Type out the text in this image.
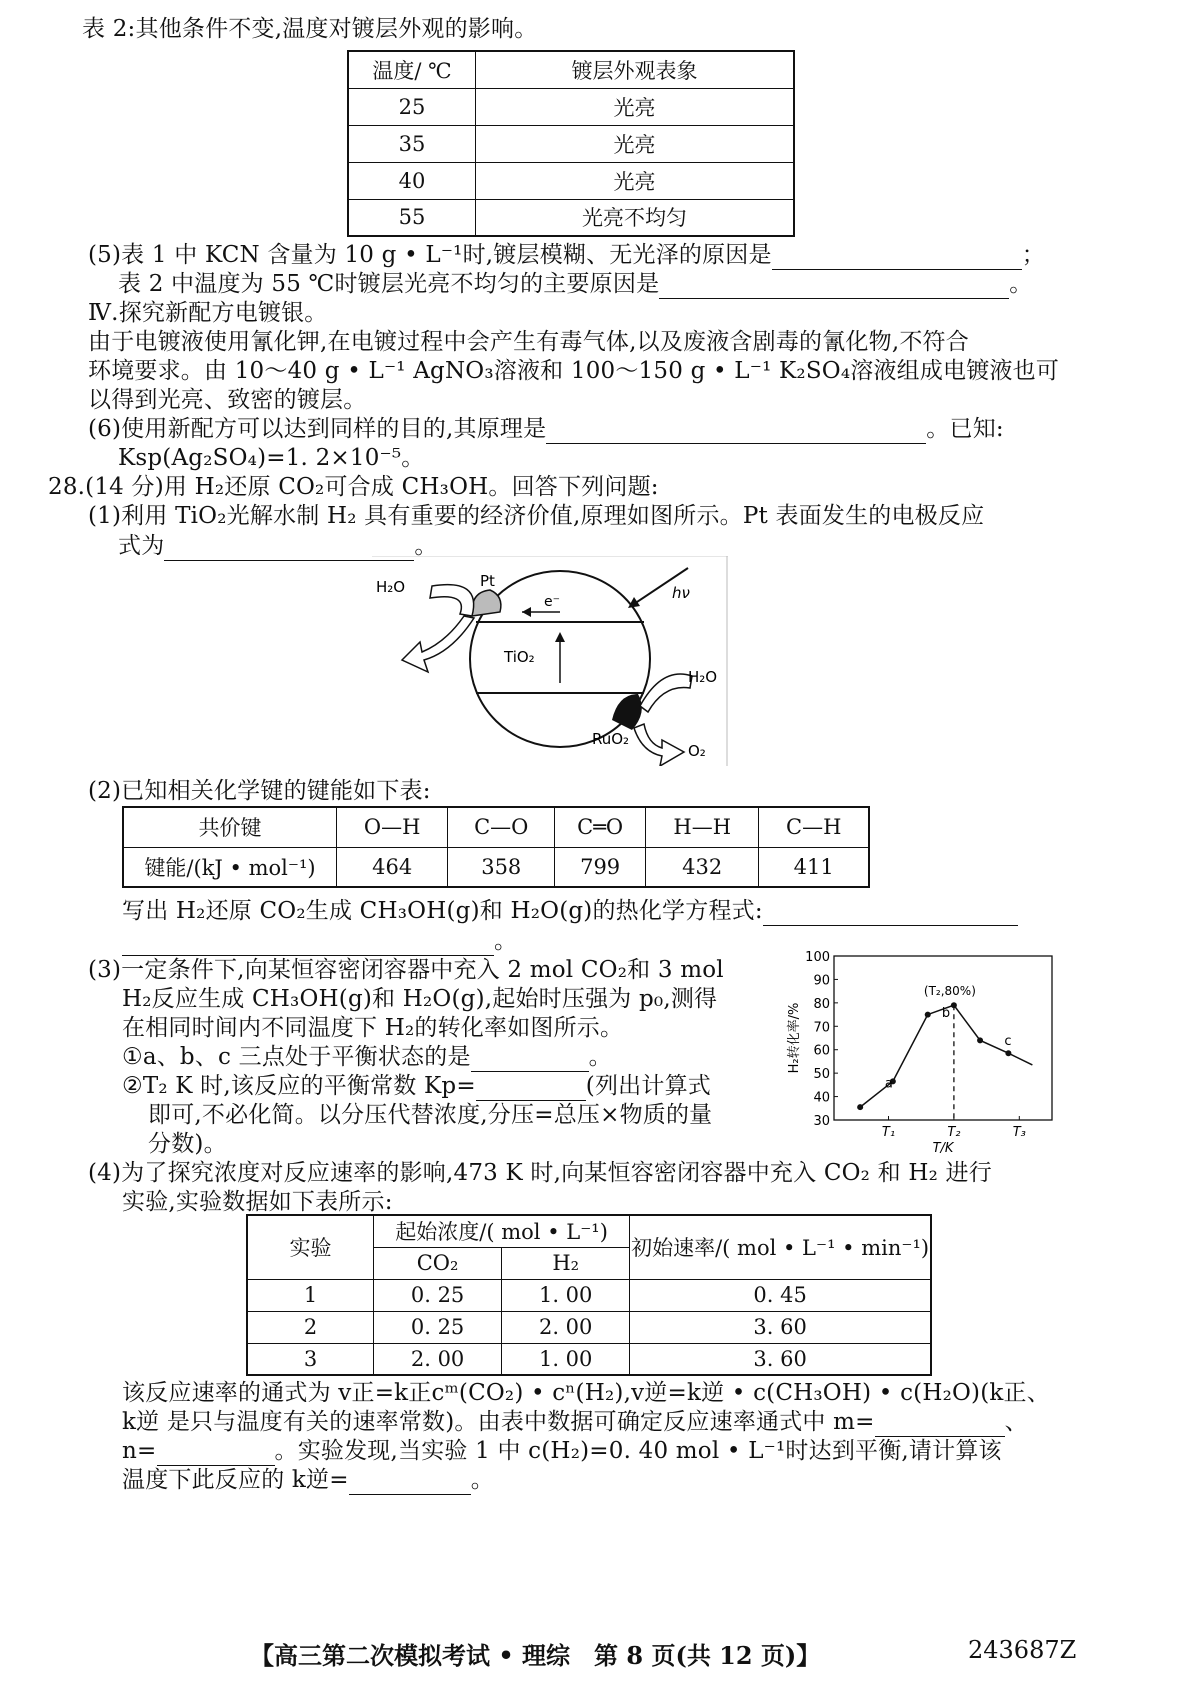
表 2:其他条件不变,温度对镀层外观的影响。
温度/ ℃	镀层外观表象
25	光亮
35	光亮
40	光亮
55	光亮不均匀
(5)表 1 中 KCN 含量为 10 g • L⁻¹时,镀层模糊、无光泽的原因是	；
表 2 中温度为 55 ℃时镀层光亮不均匀的主要原因是	。
Ⅳ.探究新配方电镀银。
由于电镀液使用氰化钾,在电镀过程中会产生有毒气体,以及废液含剧毒的氰化物,不符合
环境要求。由 10～40 g • L⁻¹ AgNO₃溶液和 100～150 g • L⁻¹ K₂SO₄溶液组成电镀液也可
以得到光亮、致密的镀层。
(6)使用新配方可以达到同样的目的,其原理是	。已知:
Ksp(Ag₂SO₄)=1. 2×10⁻⁵。
28.(14 分)用 H₂还原 CO₂可合成 CH₃OH。回答下列问题:
(1)利用 TiO₂光解水制 H₂ 具有重要的经济价值,原理如图所示。Pt 表面发生的电极反应
式为	。
H₂O	Pt
e⁻	hν
TiO₂
H₂O
RuO₂
O₂
(2)已知相关化学键的键能如下表:
共价键	O—H	C—O	C═O	H—H	C—H
键能/(kJ • mol⁻¹)	464	358	799	432	411
写出 H₂还原 CO₂生成 CH₃OH(g)和 H₂O(g)的热化学方程式:
。
(3)一定条件下,向某恒容密闭容器中充入 2 mol CO₂和 3 mol
H₂反应生成 CH₃OH(g)和 H₂O(g),起始时压强为 p₀,测得
在相同时间内不同温度下 H₂的转化率如图所示。
①a、b、c 三点处于平衡状态的是	。
②T₂ K 时,该反应的平衡常数 Kp=	(列出计算式
即可,不必化简。以分压代替浓度,分压=总压×物质的量
分数)。
100
90
80
70
60
50
40
30
T₁	T₂	T₃
T/K
H₂转化率/%
a
b
c
(T₂,80%)
(4)为了探究浓度对反应速率的影响,473 K 时,向某恒容密闭容器中充入 CO₂ 和 H₂ 进行
实验,实验数据如下表所示:
实验	起始浓度/( mol • L⁻¹)		初始速率/( mol • L⁻¹ • min⁻¹)
	CO₂	H₂	
1	0. 25	1. 00	0. 45
2	0. 25	2. 00	3. 60
3	2. 00	1. 00	3. 60
该反应速率的通式为 v正=k正cᵐ(CO₂) • cⁿ(H₂),v逆=k逆 • c(CH₃OH) • c(H₂O)(k正、
k逆 是只与温度有关的速率常数)。由表中数据可确定反应速率通式中 m=	、
n=	。实验发现,当实验 1 中 c(H₂)=0. 40 mol • L⁻¹时达到平衡,请计算该
温度下此反应的 k逆=	。
【高三第二次模拟考试 • 理综　第 8 页(共 12 页)】	243687Z
